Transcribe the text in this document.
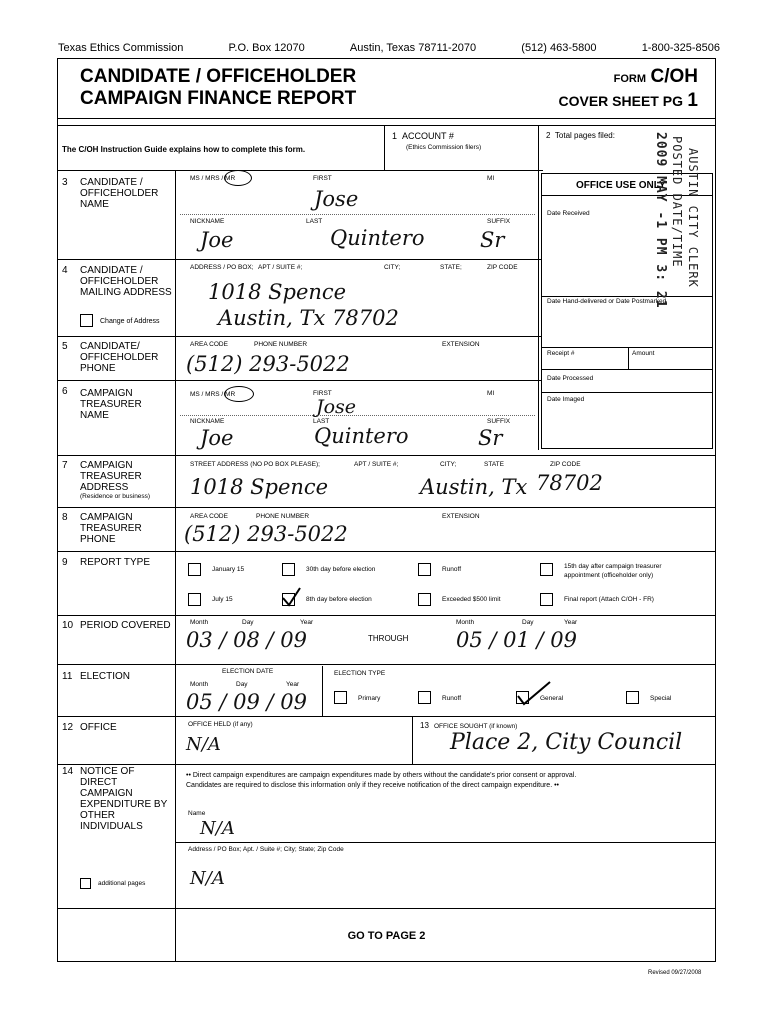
Texas Ethics Commission	P.O. Box 12070	Austin, Texas 78711-2070	(512) 463-5800	1-800-325-8506
CANDIDATE / OFFICEHOLDER
CAMPAIGN FINANCE REPORT
FORM C/OH
COVER SHEET PG 1
The C/OH Instruction Guide explains how to complete this form.
1 ACCOUNT #
(Ethics Commission filers)
2 Total pages filed:
OFFICE USE ONLY
Date Received
Date Hand-delivered or Date Postmarked
Receipt #	Amount
Date Processed
Date Imaged
AUSTIN CITY CLERK
POSTED DATE/TIME
2009 MAY -1 PM 3: 21
3 CANDIDATE / OFFICEHOLDER NAME
MS / MRS / MR	FIRST	MI
Jose
NICKNAME	LAST	SUFFIX
Joe	Quintero	Sr
4 CANDIDATE / OFFICEHOLDER MAILING ADDRESS
Change of Address
ADDRESS / PO BOX; APT / SUITE #;	CITY;	STATE;	ZIP CODE
1018 Spence
Austin, Tx 78702
5 CANDIDATE/ OFFICEHOLDER PHONE
AREA CODE	PHONE NUMBER	EXTENSION
(512) 293-5022
6 CAMPAIGN TREASURER NAME
MS / MRS / MR	FIRST	MI
Jose
NICKNAME	LAST	SUFFIX
Joe	Quintero	Sr
7 CAMPAIGN TREASURER ADDRESS
(Residence or business)
STREET ADDRESS (NO PO BOX PLEASE);	APT / SUITE #;	CITY;	STATE	ZIP CODE
1018 Spence	Austin, Tx 78702
8 CAMPAIGN TREASURER PHONE
AREA CODE	PHONE NUMBER	EXTENSION
(512) 293-5022
9 REPORT TYPE
January 15	30th day before election	Runoff	15th day after campaign treasurer
appointment (officeholder only)
July 15	8th day before election	Exceeded $500 limit	Final report (Attach C/OH - FR)
10 PERIOD COVERED	Month	Day	Year
03 / 08 / 09	THROUGH
Month	Day	Year
05 / 01 / 09
11 ELECTION	ELECTION DATE
Month	Day	Year
05 / 09 / 09
ELECTION TYPE
Primary	Runoff	General	Special
12 OFFICE	OFFICE HELD (if any)
N/A
13 OFFICE SOUGHT (if known)
Place 2, City Council
14 NOTICE OF DIRECT CAMPAIGN EXPENDITURE BY OTHER INDIVIDUALS
•• Direct campaign expenditures are campaign expenditures made by others without the candidate's prior consent or approval.
Candidates are required to disclose this information only if they receive notification of the direct campaign expenditure. ••
Name
N/A
Address / PO Box; Apt. / Suite #; City; State; Zip Code
N/A
additional pages
GO TO PAGE 2
Revised 09/27/2008
